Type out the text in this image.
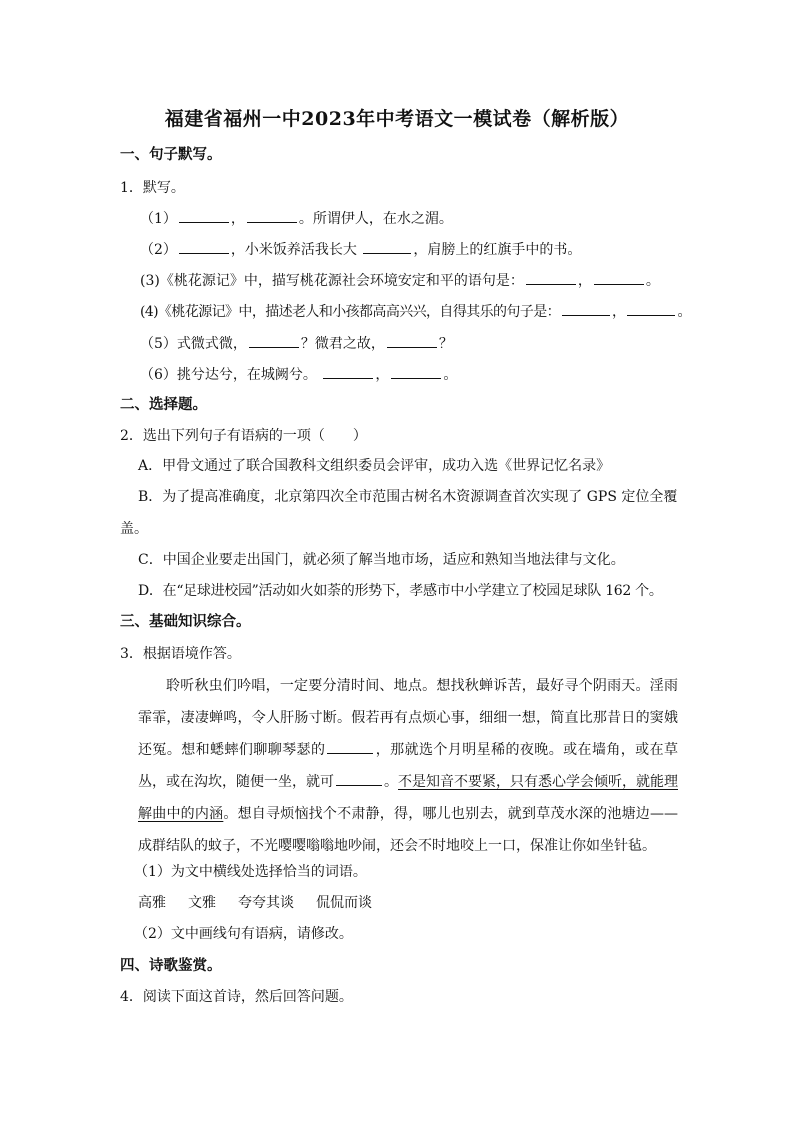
福建省福州一中2023年中考语文一模试卷（解析版）
一、句子默写。
1．默写。
（1）	，	。所谓伊人，在水之湄。
（2）	，小米饭养活我长大	，肩膀上的红旗手中的书。
(3)《桃花源记》中，描写桃花源社会环境安定和平的语句是：	，	。
(4)《桃花源记》中，描述老人和小孩都高高兴兴，自得其乐的句子是：	，	。
（5）式微式微，	？微君之故，	？
（6）挑兮达兮，在城阙兮。	，	。
二、选择题。
2．选出下列句子有语病的一项（　　）
A．甲骨文通过了联合国教科文组织委员会评审，成功入选《世界记忆名录》
B．为了提高准确度，北京第四次全市范围古树名木资源调查首次实现了 GPS 定位全覆
盖。
C．中国企业要走出国门，就必须了解当地市场，适应和熟知当地法律与文化。
D．在“足球进校园”活动如火如荼的形势下，孝感市中小学建立了校园足球队 162 个。
三、基础知识综合。
3．根据语境作答。
聆听秋虫们吟唱，一定要分清时间、地点。想找秋蝉诉苦，最好寻个阴雨天。淫雨霏霏，凄凄蝉鸣，令人肝肠寸断。假若再有点烦心事，细细一想，简直比那昔日的窦娥还冤。想和蟋蟀们聊聊琴瑟的	，那就选个月明星稀的夜晚。或在墙角，或在草丛，或在沟坎，随便一坐，就可	。不是知音不要紧，只有悉心学会倾听，就能理解曲中的内涵。想自寻烦恼找个不肃静，得，哪儿也别去，就到草茂水深的池塘边——成群结队的蚊子，不光嘤嘤嗡嗡地吵闹，还会不时地咬上一口，保准让你如坐针毡。
（1）为文中横线处选择恰当的词语。
高雅 文雅 夸夸其谈 侃侃而谈
（2）文中画线句有语病，请修改。
四、诗歌鉴赏。
4．阅读下面这首诗，然后回答问题。
